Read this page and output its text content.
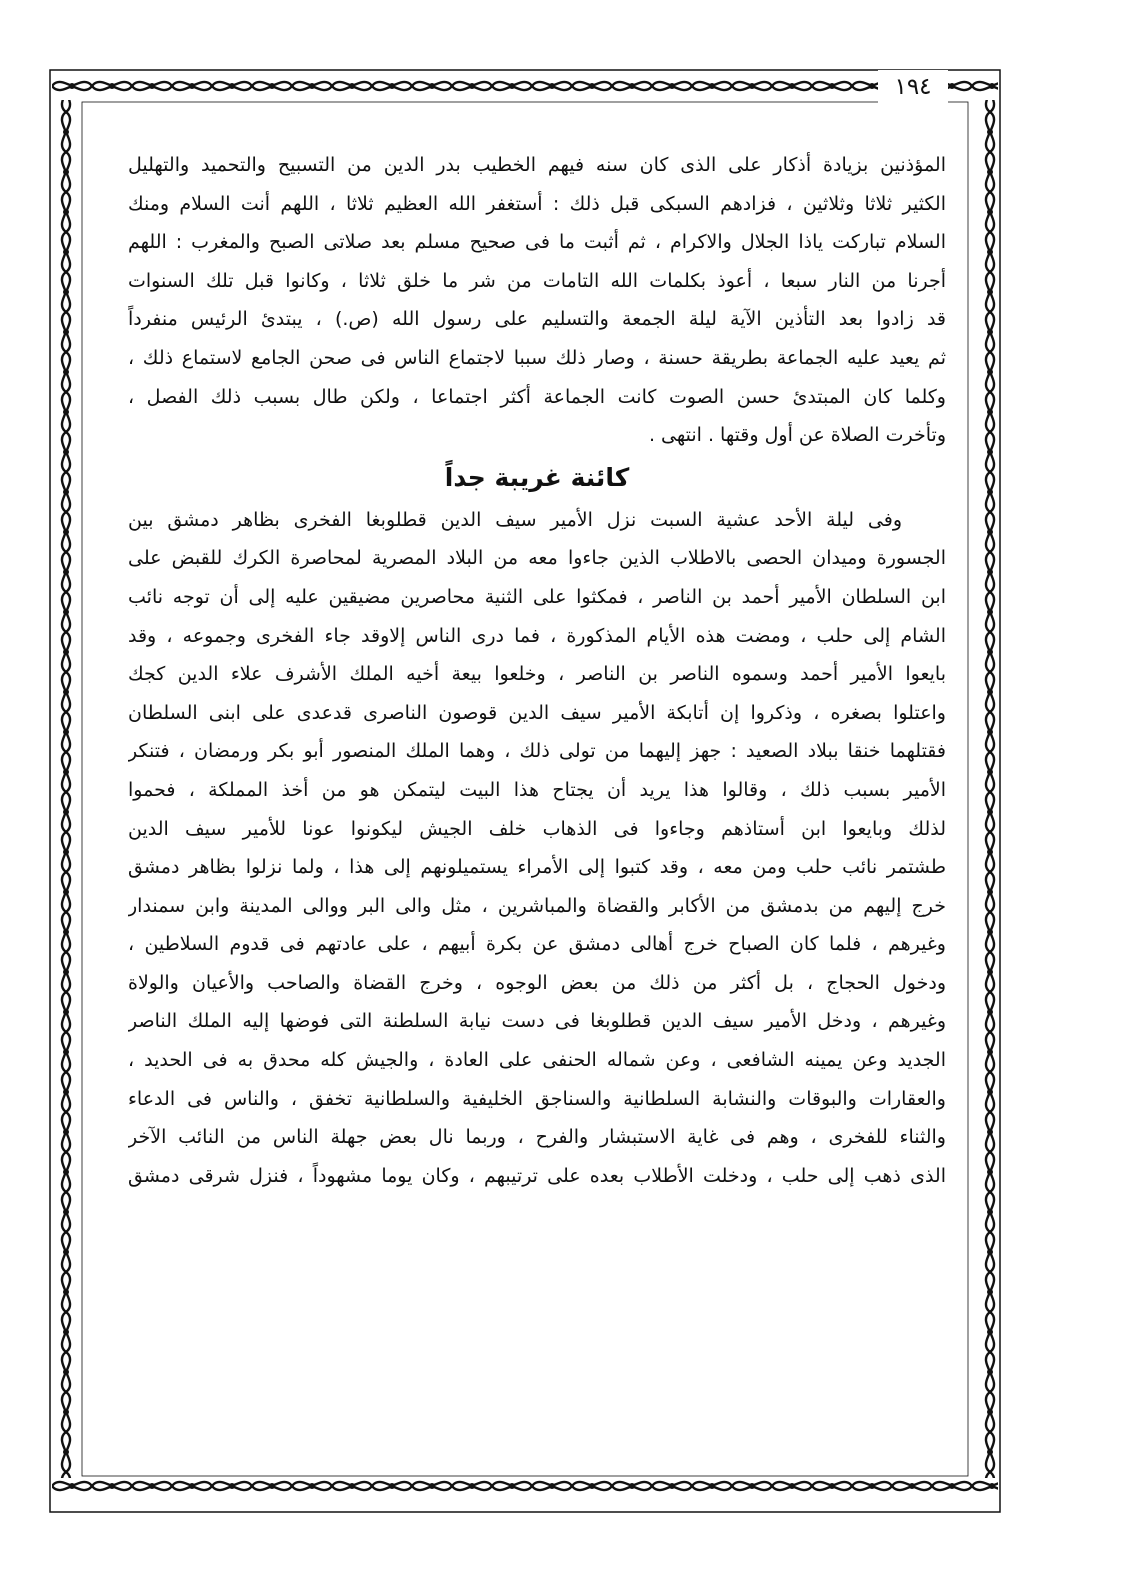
١٩٤
المؤذنين بزيادة أذكار على الذى كان سنه فيهم الخطيب بدر الدين من التسبيح والتحميد والتهليل
الكثير ثلاثا وثلاثين ، فزادهم السبكى قبل ذلك : أستغفر الله العظيم ثلاثا ، اللهم أنت السلام ومنك
السلام تباركت ياذا الجلال والاكرام ، ثم أثبت ما فى صحيح مسلم بعد صلاتى الصبح والمغرب : اللهم
أجرنا من النار سبعا ، أعوذ بكلمات الله التامات من شر ما خلق ثلاثا ، وكانوا قبل تلك السنوات
قد زادوا بعد التأذين الآية ليلة الجمعة والتسليم على رسول الله (ص.) ، يبتدئ الرئيس منفرداً
ثم يعيد عليه الجماعة بطريقة حسنة ، وصار ذلك سببا لاجتماع الناس فى صحن الجامع لاستماع ذلك ،
وكلما كان المبتدئ حسن الصوت كانت الجماعة أكثر اجتماعا ، ولكن طال بسبب ذلك الفصل ،
وتأخرت الصلاة عن أول وقتها . انتهى .
كائنة غريبة جداً
وفى ليلة الأحد عشية السبت نزل الأمير سيف الدين قطلوبغا الفخرى بظاهر دمشق بين
الجسورة وميدان الحصى بالاطلاب الذين جاءوا معه من البلاد المصرية لمحاصرة الكرك للقبض على
ابن السلطان الأمير أحمد بن الناصر ، فمكثوا على الثنية محاصرين مضيقين عليه إلى أن توجه نائب
الشام إلى حلب ، ومضت هذه الأيام المذكورة ، فما درى الناس إلاوقد جاء الفخرى وجموعه ، وقد
بايعوا الأمير أحمد وسموه الناصر بن الناصر ، وخلعوا بيعة أخيه الملك الأشرف علاء الدين كجك
واعتلوا بصغره ، وذكروا إن أتابكة الأمير سيف الدين قوصون الناصرى قدعدى على ابنى السلطان
فقتلهما خنقا ببلاد الصعيد : جهز إليهما من تولى ذلك ، وهما الملك المنصور أبو بكر ورمضان ، فتنكر
الأمير بسبب ذلك ، وقالوا هذا يريد أن يجتاح هذا البيت ليتمكن هو من أخذ المملكة ، فحموا
لذلك وبايعوا ابن أستاذهم وجاءوا فى الذهاب خلف الجيش ليكونوا عونا للأمير سيف الدين
طشتمر نائب حلب ومن معه ، وقد كتبوا إلى الأمراء يستميلونهم إلى هذا ، ولما نزلوا بظاهر دمشق
خرج إليهم من بدمشق من الأكابر والقضاة والمباشرين ، مثل والى البر ووالى المدينة وابن سمندار
وغيرهم ، فلما كان الصباح خرج أهالى دمشق عن بكرة أبيهم ، على عادتهم فى قدوم السلاطين ،
ودخول الحجاج ، بل أكثر من ذلك من بعض الوجوه ، وخرج القضاة والصاحب والأعيان والولاة
وغيرهم ، ودخل الأمير سيف الدين قطلوبغا فى دست نيابة السلطنة التى فوضها إليه الملك الناصر
الجديد وعن يمينه الشافعى ، وعن شماله الحنفى على العادة ، والجيش كله محدق به فى الحديد ،
والعقارات والبوقات والنشابة السلطانية والسناجق الخليفية والسلطانية تخفق ، والناس فى الدعاء
والثناء للفخرى ، وهم فى غاية الاستبشار والفرح ، وربما نال بعض جهلة الناس من النائب الآخر
الذى ذهب إلى حلب ، ودخلت الأطلاب بعده على ترتيبهم ، وكان يوما مشهوداً ، فنزل شرقى دمشق
